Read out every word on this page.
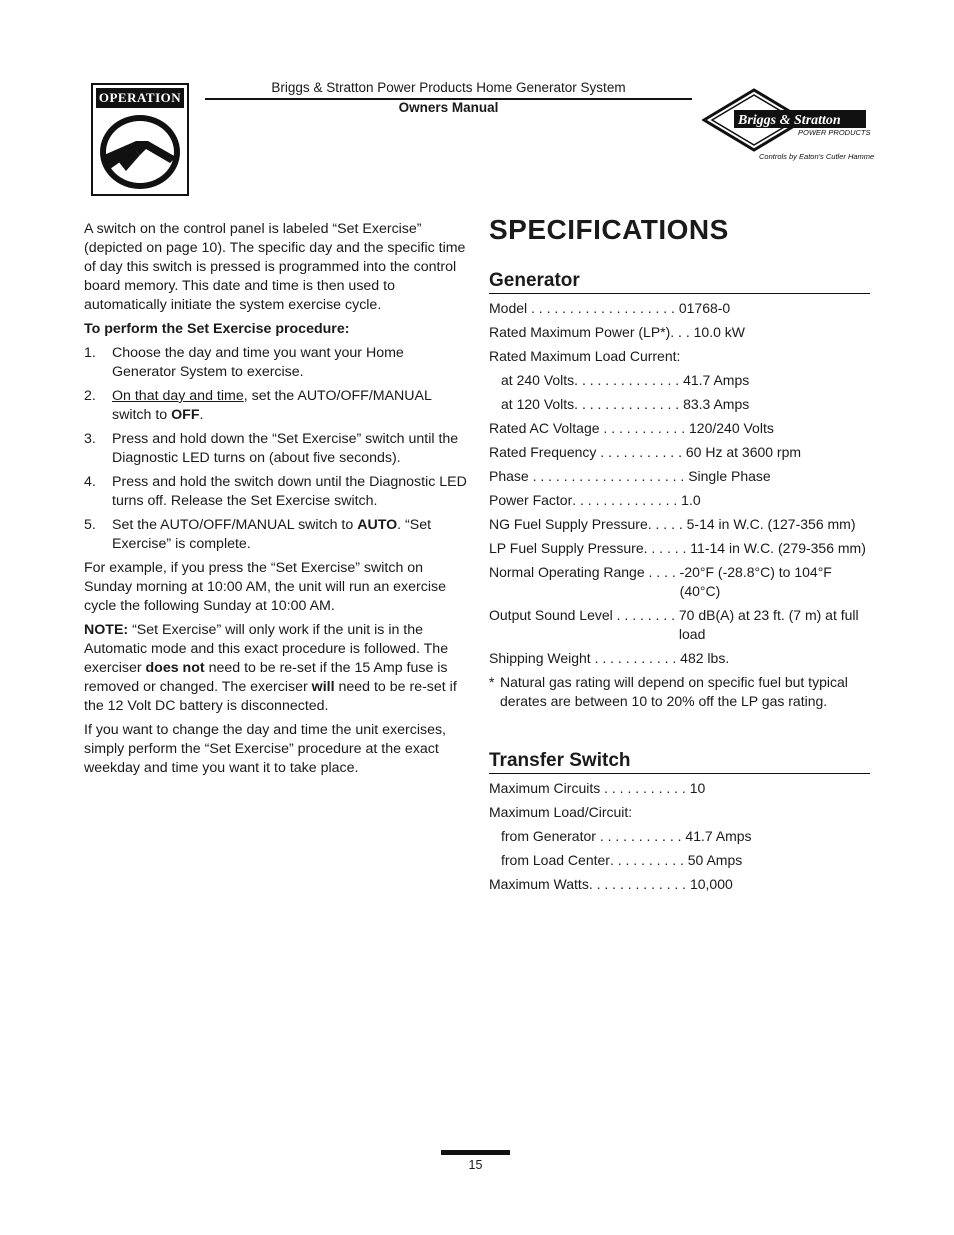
OPERATION
Briggs & Stratton Power Products Home Generator System
Owners Manual
Briggs & Stratton
POWER PRODUCTS
Controls by Eaton's Cutler Hammer

A switch on the control panel is labeled “Set Exercise” (depicted on page 10). The specific day and the specific time of day this switch is pressed is programmed into the control board memory. This date and time is then used to automatically initiate the system exercise cycle.

To perform the Set Exercise procedure:

1. Choose the day and time you want your Home Generator System to exercise.
2. On that day and time, set the AUTO/OFF/MANUAL switch to OFF.
3. Press and hold down the “Set Exercise” switch until the Diagnostic LED turns on (about five seconds).
4. Press and hold the switch down until the Diagnostic LED turns off. Release the Set Exercise switch.
5. Set the AUTO/OFF/MANUAL switch to AUTO. “Set Exercise” is complete.

For example, if you press the “Set Exercise” switch on Sunday morning at 10:00 AM, the unit will run an exercise cycle the following Sunday at 10:00 AM.

NOTE: “Set Exercise” will only work if the unit is in the Automatic mode and this exact procedure is followed. The exerciser does not need to be re-set if the 15 Amp fuse is removed or changed. The exerciser will need to be re-set if the 12 Volt DC battery is disconnected.

If you want to change the day and time the unit exercises, simply perform the “Set Exercise” procedure at the exact weekday and time you want it to take place.

SPECIFICATIONS
Generator
Model . . . . . . . . . . . . . . . . . . . 01768-0
Rated Maximum Power (LP*) . . . 10.0 kW
Rated Maximum Load Current:
at 240 Volts . . . . . . . . . . . . . . 41.7 Amps
at 120 Volts . . . . . . . . . . . . . . 83.3 Amps
Rated AC Voltage . . . . . . . . . . . 120/240 Volts
Rated Frequency . . . . . . . . . . . 60 Hz at 3600 rpm
Phase . . . . . . . . . . . . . . . . . . . . Single Phase
Power Factor . . . . . . . . . . . . . . 1.0
NG Fuel Supply Pressure . . . . . 5-14 in W.C. (127-356 mm)
LP Fuel Supply Pressure . . . . . . 11-14 in W.C. (279-356 mm)
Normal Operating Range . . . . -20°F (-28.8°C) to 104°F (40°C)
Output Sound Level . . . . . . . . 70 dB(A) at 23 ft. (7 m) at full load
Shipping Weight . . . . . . . . . . . 482 lbs.
* Natural gas rating will depend on specific fuel but typical derates are between 10 to 20% off the LP gas rating.
Transfer Switch
Maximum Circuits . . . . . . . . . . . 10
Maximum Load/Circuit:
from Generator . . . . . . . . . . . 41.7 Amps
from Load Center . . . . . . . . . . 50 Amps
Maximum Watts . . . . . . . . . . . . . 10,000
15
